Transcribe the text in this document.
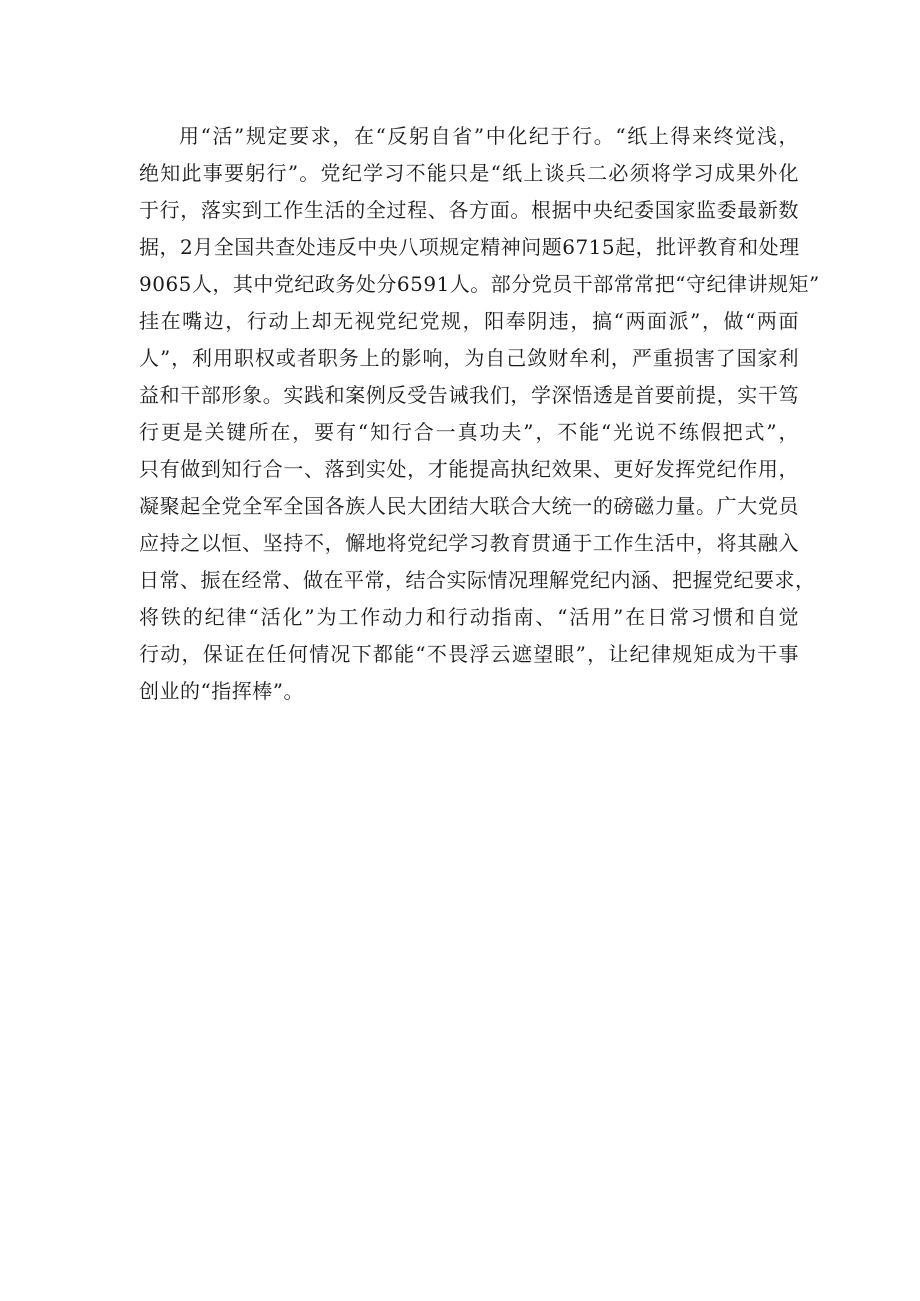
用“活”规定要求，在“反躬自省”中化纪于行。“纸上得来终觉浅，
绝知此事要躬行”。党纪学习不能只是“纸上谈兵二必须将学习成果外化
于行，落实到工作生活的全过程、各方面。根据中央纪委国家监委最新数
据，2月全国共查处违反中央八项规定精神问题6715起，批评教育和处理
9065人，其中党纪政务处分6591人。部分党员干部常常把“守纪律讲规矩”
挂在嘴边，行动上却无视党纪党规，阳奉阴违，搞“两面派”，做“两面
人”，利用职权或者职务上的影响，为自己敛财牟利，严重损害了国家利
益和干部形象。实践和案例反受告诫我们，学深悟透是首要前提，实干笃
行更是关键所在，要有“知行合一真功夫”，不能“光说不练假把式”，
只有做到知行合一、落到实处，才能提高执纪效果、更好发挥党纪作用，
凝聚起全党全军全国各族人民大团结大联合大统一的磅磁力量。广大党员
应持之以恒、坚持不，懈地将党纪学习教育贯通于工作生活中，将其融入
日常、振在经常、做在平常，结合实际情况理解党纪内涵、把握党纪要求，
将铁的纪律“活化”为工作动力和行动指南、“活用”在日常习惯和自觉
行动，保证在任何情况下都能“不畏浮云遮望眼”，让纪律规矩成为干事
创业的“指挥棒”。
